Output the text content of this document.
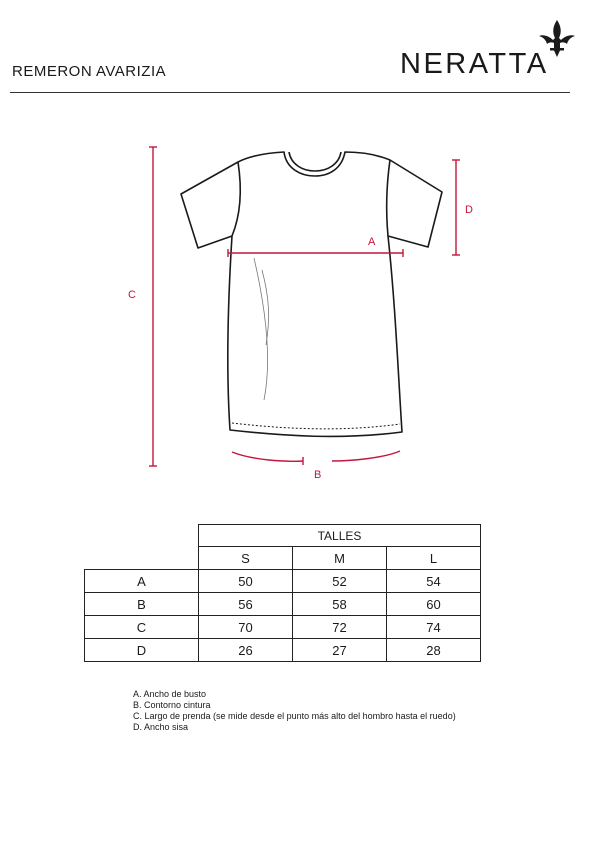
REMERON AVARIZIA	NERATTA
A
B
C
D
	TALLES		
	S	M	L
A	50	52	54
B	56	58	60
C	70	72	74
D	26	27	28
A. Ancho de busto
B. Contorno cintura
C. Largo de prenda (se mide desde el punto más alto del hombro hasta el ruedo)
D. Ancho sisa
